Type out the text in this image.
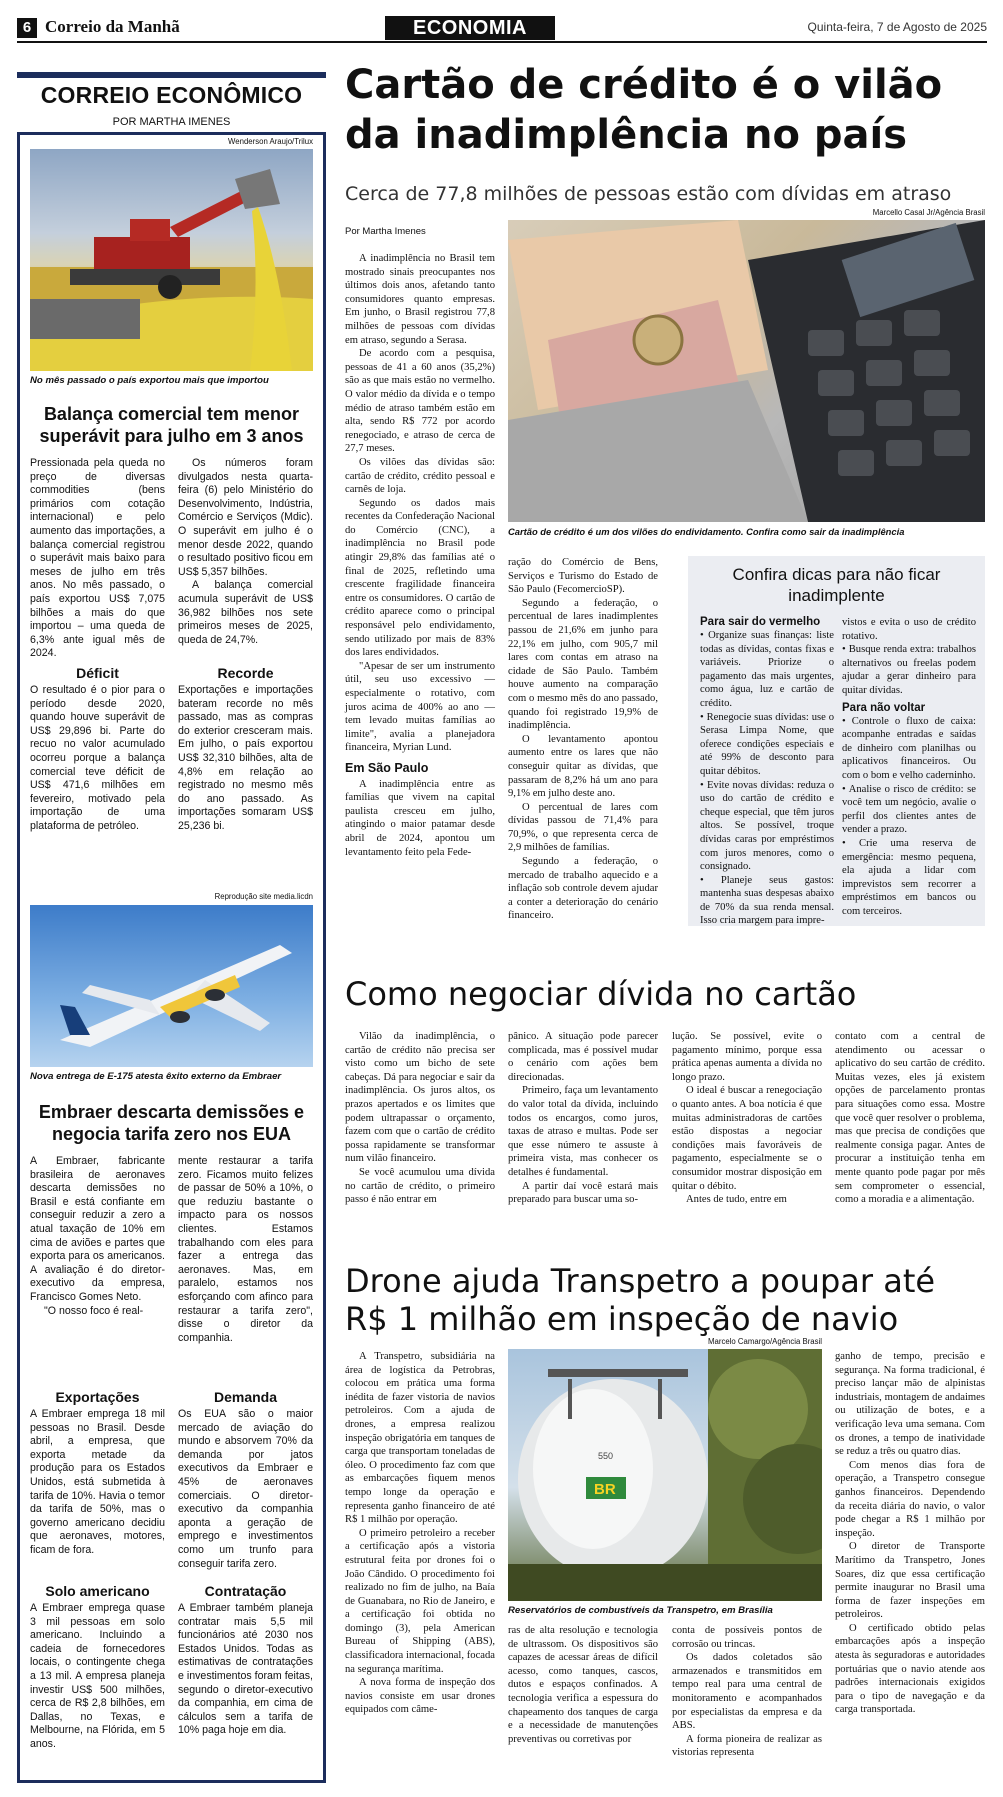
6 Correio da Manhã	ECONOMIA	Quinta-feira, 7 de Agosto de 2025
CORREIO ECONÔMICO
POR MARTHA IMENES
Wenderson Araujo/Trilux
No mês passado o país exportou mais que importou
Balança comercial tem menor superávit para julho em 3 anos

Pressionada pela queda no preço de diversas commodities (bens primários com cotação internacional) e pelo aumento das importações, a balança comercial registrou o superávit mais baixo para meses de julho em três anos. No mês passado, o país exportou US$ 7,075 bilhões a mais do que importou – uma queda de 6,3% ante igual mês de 2024.

Os números foram divulgados nesta quarta-feira (6) pelo Ministério do Desenvolvimento, Indústria, Comércio e Serviços (Mdic). O superávit em julho é o menor desde 2022, quando o resultado positivo ficou em US$ 5,357 bilhões.

A balança comercial acumula superávit de US$ 36,982 bilhões nos sete primeiros meses de 2025, queda de 24,7%.

Déficit
O resultado é o pior para o período desde 2020, quando houve superávit de US$ 29,896 bi. Parte do recuo no valor acumulado ocorreu porque a balança comercial teve déficit de US$ 471,6 milhões em fevereiro, motivado pela importação de uma plataforma de petróleo.
Recorde
Exportações e importações bateram recorde no mês passado, mas as compras do exterior cresceram mais. Em julho, o país exportou US$ 32,310 bilhões, alta de 4,8% em relação ao registrado no mesmo mês do ano passado. As importações somaram US$ 25,236 bi.
Reprodução site media.licdn
Nova entrega de E-175 atesta êxito externo da Embraer
Embraer descarta demissões e negocia tarifa zero nos EUA

A Embraer, fabricante brasileira de aeronaves descarta demissões no Brasil e está confiante em conseguir reduzir a zero a atual taxação de 10% em cima de aviões e partes que exporta para os americanos. A avaliação é do diretor-executivo da empresa, Francisco Gomes Neto.

"O nosso foco é real-

mente restaurar a tarifa zero. Ficamos muito felizes de passar de 50% a 10%, o que reduziu bastante o impacto para os nossos clientes. Estamos trabalhando com eles para fazer a entrega das aeronaves. Mas, em paralelo, estamos nos esforçando com afinco para restaurar a tarifa zero", disse o diretor da companhia.

Exportações
A Embraer emprega 18 mil pessoas no Brasil. Desde abril, a empresa, que exporta metade da produção para os Estados Unidos, está submetida à tarifa de 10%. Havia o temor da tarifa de 50%, mas o governo americano decidiu que aeronaves, motores, ficam de fora.
Demanda
Os EUA são o maior mercado de aviação do mundo e absorvem 70% da demanda por jatos executivos da Embraer e 45% de aeronaves comerciais. O diretor-executivo da companhia aponta a geração de emprego e investimentos como um trunfo para conseguir tarifa zero.
Solo americano
A Embraer emprega quase 3 mil pessoas em solo americano. Incluindo a cadeia de fornecedores locais, o contingente chega a 13 mil. A empresa planeja investir US$ 500 milhões, cerca de R$ 2,8 bilhões, em Dallas, no Texas, e Melbourne, na Flórida, em 5 anos.
Contratação
A Embraer também planeja contratar mais 5,5 mil funcionários até 2030 nos Estados Unidos. Todas as estimativas de contratações e investimentos foram feitas, segundo o diretor-executivo da companhia, em cima de cálculos sem a tarifa de 10% paga hoje em dia.
Cartão de crédito é o vilão da inadimplência no país
Cerca de 77,8 milhões de pessoas estão com dívidas em atraso
Por Martha Imenes

A inadimplência no Brasil tem mostrado sinais preocupantes nos últimos dois anos, afetando tanto consumidores quanto empresas. Em junho, o Brasil registrou 77,8 milhões de pessoas com dívidas em atraso, segundo a Serasa.

De acordo com a pesquisa, pessoas de 41 a 60 anos (35,2%) são as que mais estão no vermelho. O valor médio da dívida e o tempo médio de atraso também estão em alta, sendo R$ 772 por acordo renegociado, e atraso de cerca de 27,7 meses.

Os vilões das dívidas são: cartão de crédito, crédito pessoal e carnês de loja.

Segundo os dados mais recentes da Confederação Nacional do Comércio (CNC), a inadimplência no Brasil pode atingir 29,8% das famílias até o final de 2025, refletindo uma crescente fragilidade financeira entre os consumidores. O cartão de crédito aparece como o principal responsável pelo endividamento, sendo utilizado por mais de 83% dos lares endividados.

"Apesar de ser um instrumento útil, seu uso excessivo — especialmente o rotativo, com juros acima de 400% ao ano — tem levado muitas famílias ao limite", avalia a planejadora financeira, Myrian Lund.

Em São Paulo

A inadimplência entre as famílias que vivem na capital paulista cresceu em julho, atingindo o maior patamar desde abril de 2024, apontou um levantamento feito pela Fede-

Marcello Casal Jr/Agência Brasil
Cartão de crédito é um dos vilões do endividamento. Confira como sair da inadimplência

ração do Comércio de Bens, Serviços e Turismo do Estado de São Paulo (FecomercioSP).

Segundo a federação, o percentual de lares inadimplentes passou de 21,6% em junho para 22,1% em julho, com 905,7 mil lares com contas em atraso na cidade de São Paulo. Também houve aumento na comparação com o mesmo mês do ano passado, quando foi registrado 19,9% de inadimplência.

O levantamento apontou aumento entre os lares que não conseguir quitar as dívidas, que passaram de 8,2% há um ano para 9,1% em julho deste ano.

O percentual de lares com dívidas passou de 71,4% para 70,9%, o que representa cerca de 2,9 milhões de famílias.

Segundo a federação, o mercado de trabalho aquecido e a inflação sob controle devem ajudar a conter a deterioração do cenário financeiro.

Confira dicas para não ficar inadimplente
Para sair do vermelho

• Organize suas finanças: liste todas as dívidas, contas fixas e variáveis. Priorize o pagamento das mais urgentes, como água, luz e cartão de crédito.

• Renegocie suas dívidas: use o Serasa Limpa Nome, que oferece condições especiais e até 99% de desconto para quitar débitos.

• Evite novas dívidas: reduza o uso do cartão de crédito e cheque especial, que têm juros altos. Se possível, troque dívidas caras por empréstimos com juros menores, como o consignado.

• Planeje seus gastos: mantenha suas despesas abaixo de 70% da sua renda mensal. Isso cria margem para impre-

vistos e evita o uso de crédito rotativo.

• Busque renda extra: trabalhos alternativos ou freelas podem ajudar a gerar dinheiro para quitar dívidas.

Para não voltar

• Controle o fluxo de caixa: acompanhe entradas e saídas de dinheiro com planilhas ou aplicativos financeiros. Ou com o bom e velho caderninho.

• Analise o risco de crédito: se você tem um negócio, avalie o perfil dos clientes antes de vender a prazo.

• Crie uma reserva de emergência: mesmo pequena, ela ajuda a lidar com imprevistos sem recorrer a empréstimos em bancos ou com terceiros.

Como negociar dívida no cartão

Vilão da inadimplência, o cartão de crédito não precisa ser visto como um bicho de sete cabeças. Dá para negociar e sair da inadimplência. Os juros altos, os prazos apertados e os limites que podem ultrapassar o orçamento, fazem com que o cartão de crédito possa rapidamente se transformar num vilão financeiro.

Se você acumulou uma dívida no cartão de crédito, o primeiro passo é não entrar em

pânico. A situação pode parecer complicada, mas é possível mudar o cenário com ações bem direcionadas.

Primeiro, faça um levantamento do valor total da dívida, incluindo todos os encargos, como juros, taxas de atraso e multas. Pode ser que esse número te assuste à primeira vista, mas conhecer os detalhes é fundamental.

A partir daí você estará mais preparado para buscar uma so-

lução. Se possível, evite o pagamento mínimo, porque essa prática apenas aumenta a dívida no longo prazo.

O ideal é buscar a renegociação o quanto antes. A boa notícia é que muitas administradoras de cartões estão dispostas a negociar condições mais favoráveis de pagamento, especialmente se o consumidor mostrar disposição em quitar o débito.

Antes de tudo, entre em

contato com a central de atendimento ou acessar o aplicativo do seu cartão de crédito. Muitas vezes, eles já existem opções de parcelamento prontas para situações como essa. Mostre que você quer resolver o problema, mas que precisa de condições que realmente consiga pagar. Antes de procurar a instituição tenha em mente quanto pode pagar por mês sem comprometer o essencial, como a moradia e a alimentação.

Drone ajuda Transpetro a poupar até R$ 1 milhão em inspeção de navio

A Transpetro, subsidiária na área de logística da Petrobras, colocou em prática uma forma inédita de fazer vistoria de navios petroleiros. Com a ajuda de drones, a empresa realizou inspeção obrigatória em tanques de carga que transportam toneladas de óleo. O procedimento faz com que as embarcações fiquem menos tempo longe da operação e representa ganho financeiro de até R$ 1 milhão por operação.

O primeiro petroleiro a receber a certificação após a vistoria estrutural feita por drones foi o João Cândido. O procedimento foi realizado no fim de julho, na Baía de Guanabara, no Rio de Janeiro, e a certificação foi obtida no domingo (3), pela American Bureau of Shipping (ABS), classificadora internacional, focada na segurança marítima.

A nova forma de inspeção dos navios consiste em usar drones equipados com câme-

Marcelo Camargo/Agência Brasil
BR
550
Reservatórios de combustíveis da Transpetro, em Brasília

ras de alta resolução e tecnologia de ultrassom. Os dispositivos são capazes de acessar áreas de difícil acesso, como tanques, cascos, dutos e espaços confinados. A tecnologia verifica a espessura do chapeamento dos tanques de carga e a necessidade de manutenções preventivas ou corretivas por

conta de possíveis pontos de corrosão ou trincas.

Os dados coletados são armazenados e transmitidos em tempo real para uma central de monitoramento e acompanhados por especialistas da empresa e da ABS.

A forma pioneira de realizar as vistorias representa

ganho de tempo, precisão e segurança. Na forma tradicional, é preciso lançar mão de alpinistas industriais, montagem de andaimes ou utilização de botes, e a verificação leva uma semana. Com os drones, a tempo de inatividade se reduz a três ou quatro dias.

Com menos dias fora de operação, a Transpetro consegue ganhos financeiros. Dependendo da receita diária do navio, o valor pode chegar a R$ 1 milhão por inspeção.

O diretor de Transporte Marítimo da Transpetro, Jones Soares, diz que essa certificação permite inaugurar no Brasil uma forma de fazer inspeções em petroleiros.

O certificado obtido pelas embarcações após a inspeção atesta às seguradoras e autoridades portuárias que o navio atende aos padrões internacionais exigidos para o tipo de navegação e da carga transportada.
